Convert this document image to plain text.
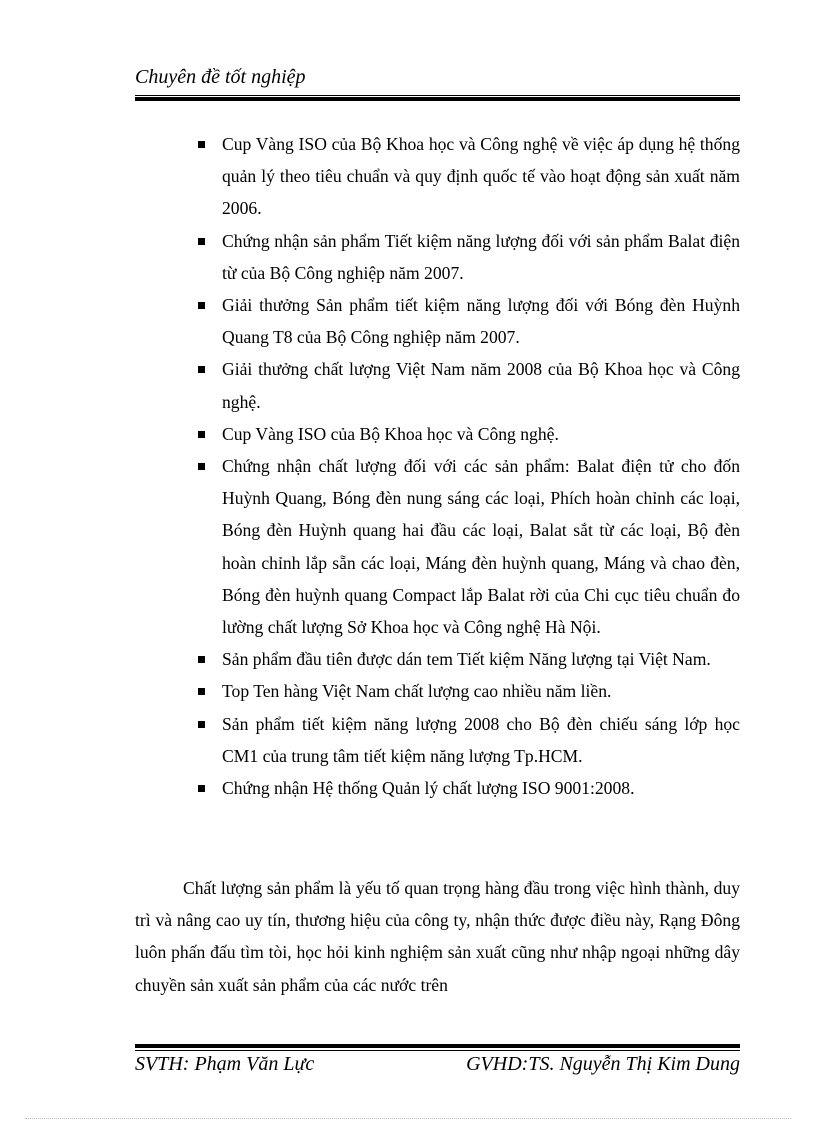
Chuyên đề tốt nghiệp
Cup Vàng ISO của Bộ Khoa học và Công nghệ về việc áp dụng hệ thống quản lý theo tiêu chuẩn và quy định quốc tế vào hoạt động sản xuất năm 2006.
Chứng nhận sản phẩm Tiết kiệm năng lượng đối với sản phẩm Balat điện từ của Bộ Công nghiệp năm 2007.
Giải thưởng Sản phẩm tiết kiệm năng lượng đối với Bóng đèn Huỳnh Quang T8 của Bộ Công nghiệp năm 2007.
Giải thưởng chất lượng Việt Nam năm 2008 của Bộ Khoa học và Công nghệ.
Cup Vàng ISO của Bộ Khoa học và Công nghệ.
Chứng nhận chất lượng đối với các sản phẩm: Balat điện tử cho đốn Huỳnh Quang, Bóng đèn nung sáng các loại, Phích hoàn chỉnh các loại, Bóng đèn Huỳnh quang hai đầu các loại, Balat sắt từ các loại, Bộ đèn hoàn chỉnh lắp sẵn các loại, Máng đèn huỳnh quang, Máng và chao đèn, Bóng đèn huỳnh quang Compact lắp Balat rời của Chi cục tiêu chuẩn đo lường chất lượng Sở Khoa học và Công nghệ Hà Nội.
Sản phẩm đầu tiên được dán tem Tiết kiệm Năng lượng tại Việt Nam.
Top Ten hàng Việt Nam chất lượng cao nhiều năm liền.
Sản phẩm tiết kiệm năng lượng 2008 cho Bộ đèn chiếu sáng lớp học CM1 của trung tâm tiết kiệm năng lượng Tp.HCM.
Chứng nhận Hệ thống Quản lý chất lượng ISO 9001:2008.

Chất lượng sản phẩm là yếu tố quan trọng hàng đầu trong việc hình thành, duy trì và nâng cao uy tín, thương hiệu của công ty, nhận thức được điều này, Rạng Đông luôn phấn đấu tìm tòi, học hỏi kinh nghiệm sản xuất cũng như nhập ngoại những dây chuyền sản xuất sản phẩm của các nước trên

SVTH: Phạm Văn Lực	GVHD:TS. Nguyễn Thị Kim Dung
